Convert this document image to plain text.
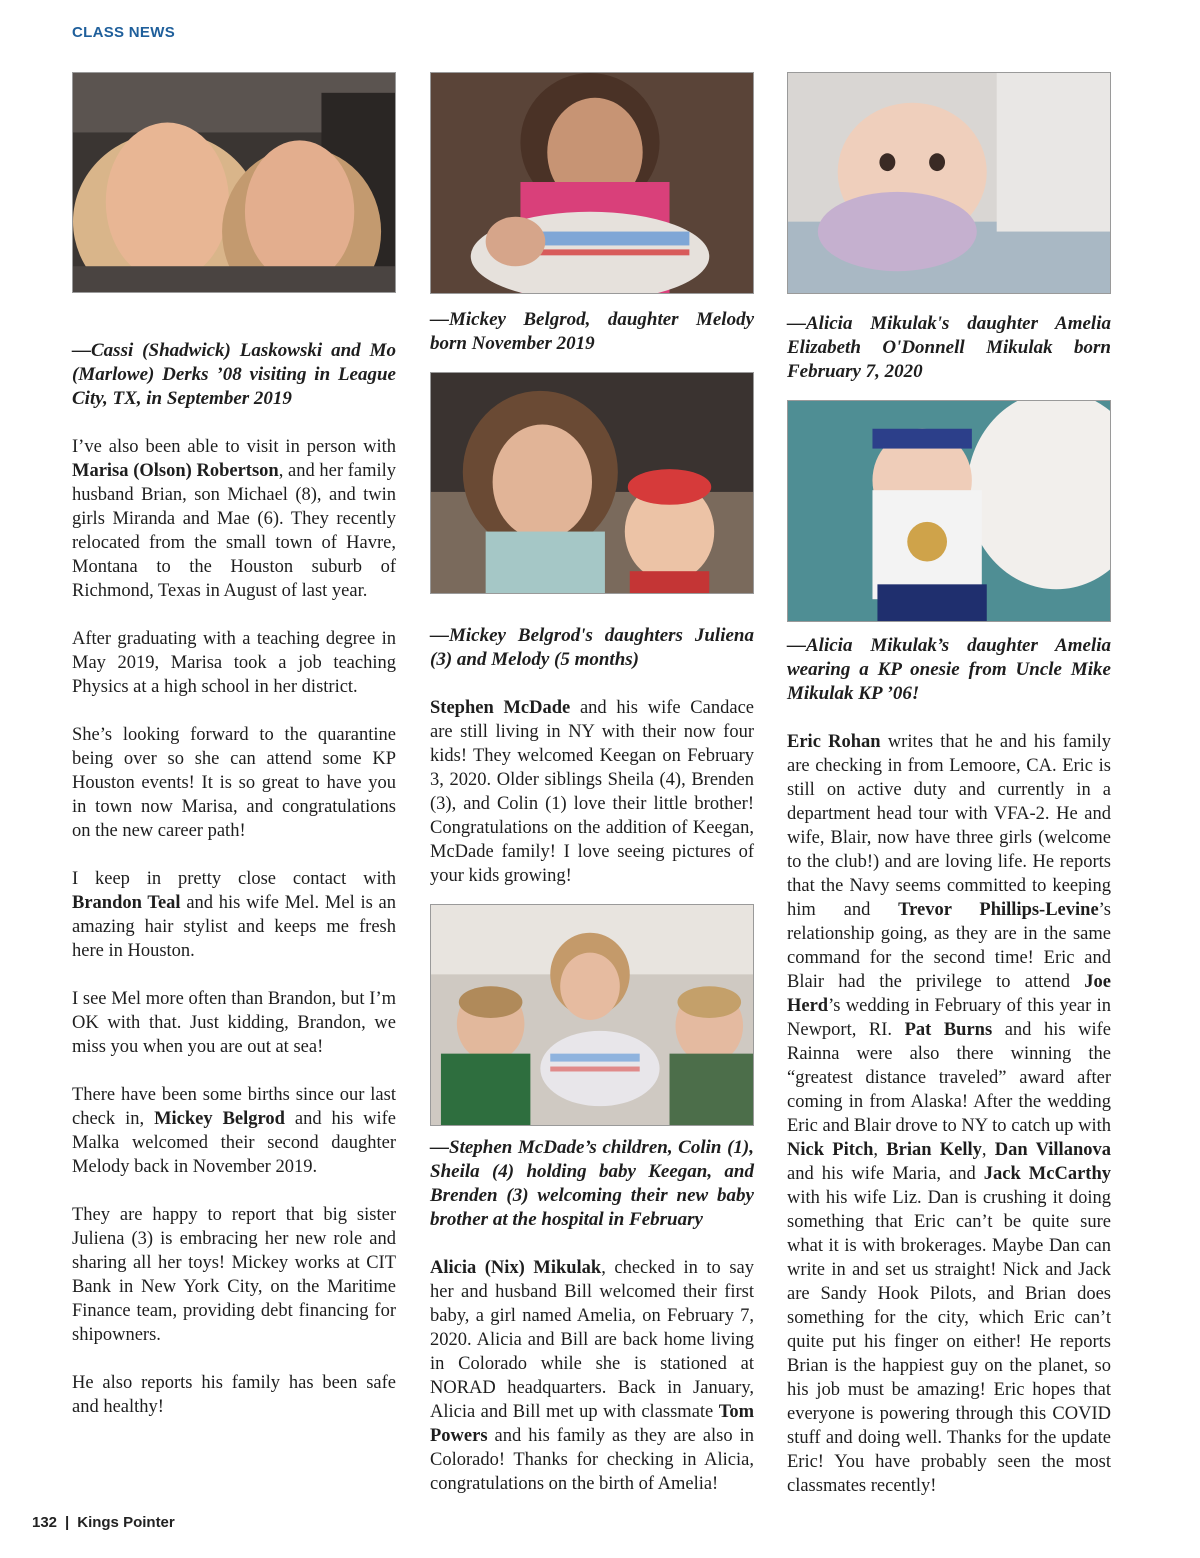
CLASS NEWS

—Cassi (Shadwick) Laskowski and Mo (Marlowe) Derks ’08 visiting in League City, TX, in September 2019

I’ve also been able to visit in person with Marisa (Olson) Robertson, and her family husband Brian, son Michael (8), and twin girls Miranda and Mae (6). They recently relocated from the small town of Havre, Montana to the Houston suburb of Richmond, Texas in August of last year.

After graduating with a teaching degree in May 2019, Marisa took a job teaching Physics at a high school in her district.

She’s looking forward to the quarantine being over so she can attend some KP Houston events! It is so great to have you in town now Marisa, and congratulations on the new career path!

I keep in pretty close contact with Brandon Teal and his wife Mel. Mel is an amazing hair stylist and keeps me fresh here in Houston.

I see Mel more often than Brandon, but I’m OK with that. Just kidding, Brandon, we miss you when you are out at sea!

There have been some births since our last check in, Mickey Belgrod and his wife Malka welcomed their second daughter Melody back in November 2019.

They are happy to report that big sister Juliena (3) is embracing her new role and sharing all her toys! Mickey works at CIT Bank in New York City, on the Maritime Finance team, providing debt financing for shipowners.

He also reports his family has been safe and healthy!

—Mickey Belgrod, daughter Melody born November 2019

—Mickey Belgrod's daughters Juliena (3) and Melody (5 months)

Stephen McDade and his wife Candace are still living in NY with their now four kids! They welcomed Keegan on February 3, 2020. Older siblings Sheila (4), Brenden (3), and Colin (1) love their little brother! Congratulations on the addition of Keegan, McDade family! I love seeing pictures of your kids growing!

—Stephen McDade’s children, Colin (1), Sheila (4) holding baby Keegan, and Brenden (3) welcoming their new baby brother at the hospital in February

Alicia (Nix) Mikulak, checked in to say her and husband Bill welcomed their first baby, a girl named Amelia, on February 7, 2020. Alicia and Bill are back home living in Colorado while she is stationed at NORAD headquarters. Back in January, Alicia and Bill met up with classmate Tom Powers and his family as they are also in Colorado! Thanks for checking in Alicia, congratulations on the birth of Amelia!

—Alicia Mikulak's daughter Amelia Elizabeth O'Donnell Mikulak born February 7, 2020

—Alicia Mikulak’s daughter Amelia wearing a KP onesie from Uncle Mike Mikulak KP ’06!

Eric Rohan writes that he and his family are checking in from Lemoore, CA. Eric is still on active duty and currently in a department head tour with VFA-2. He and wife, Blair, now have three girls (welcome to the club!) and are loving life. He reports that the Navy seems committed to keeping him and Trevor Phillips-Levine’s relationship going, as they are in the same command for the second time! Eric and Blair had the privilege to attend Joe Herd’s wedding in February of this year in Newport, RI. Pat Burns and his wife Rainna were also there winning the “greatest distance traveled” award after coming in from Alaska! After the wedding Eric and Blair drove to NY to catch up with Nick Pitch, Brian Kelly, Dan Villanova and his wife Maria, and Jack McCarthy with his wife Liz. Dan is crushing it doing something that Eric can’t be quite sure what it is with brokerages. Maybe Dan can write in and set us straight! Nick and Jack are Sandy Hook Pilots, and Brian does something for the city, which Eric can’t quite put his finger on either! He reports Brian is the happiest guy on the planet, so his job must be amazing! Eric hopes that everyone is powering through this COVID stuff and doing well. Thanks for the update Eric! You have probably seen the most classmates recently!

132 | Kings Pointer
